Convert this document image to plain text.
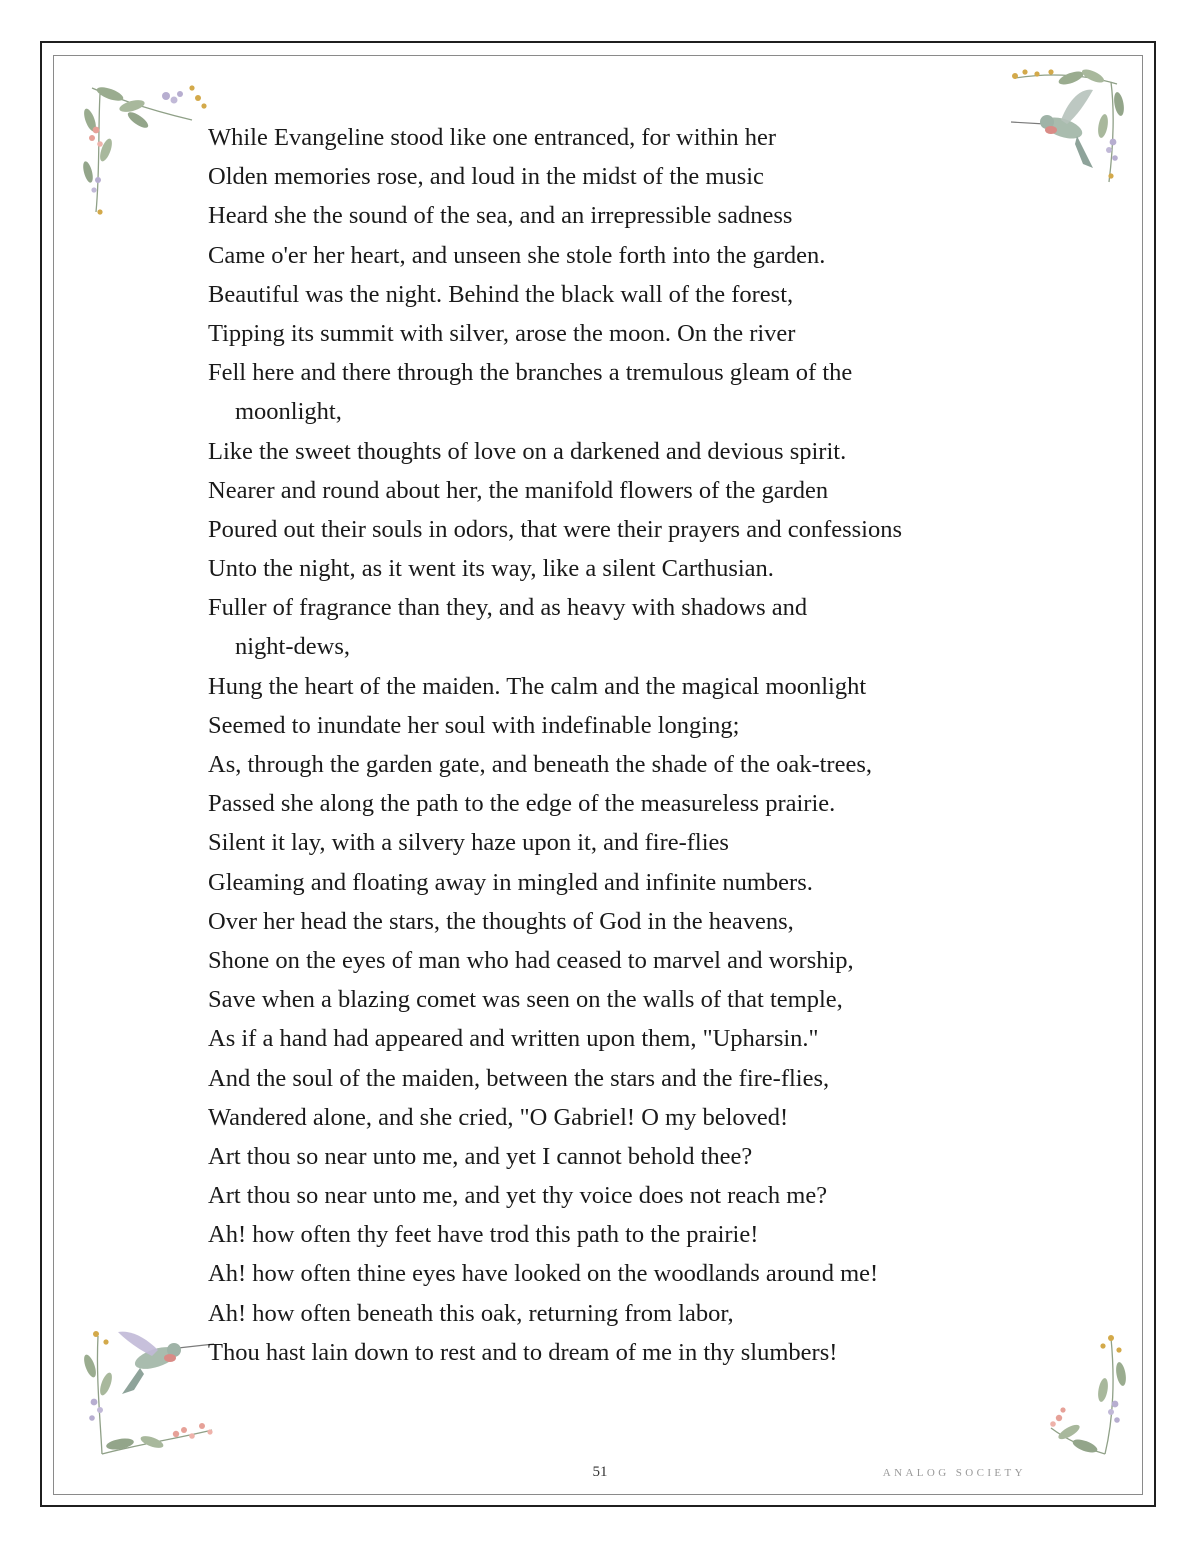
While Evangeline stood like one entranced, for within her
Olden memories rose, and loud in the midst of the music
Heard she the sound of the sea, and an irrepressible sadness
Came o'er her heart, and unseen she stole forth into the garden.
Beautiful was the night. Behind the black wall of the forest,
Tipping its summit with silver, arose the moon. On the river
Fell here and there through the branches a tremulous gleam of the
moonlight,
Like the sweet thoughts of love on a darkened and devious spirit.
Nearer and round about her, the manifold flowers of the garden
Poured out their souls in odors, that were their prayers and confessions
Unto the night, as it went its way, like a silent Carthusian.
Fuller of fragrance than they, and as heavy with shadows and
night-dews,
Hung the heart of the maiden. The calm and the magical moonlight
Seemed to inundate her soul with indefinable longing;
As, through the garden gate, and beneath the shade of the oak-trees,
Passed she along the path to the edge of the measureless prairie.
Silent it lay, with a silvery haze upon it, and fire-flies
Gleaming and floating away in mingled and infinite numbers.
Over her head the stars, the thoughts of God in the heavens,
Shone on the eyes of man who had ceased to marvel and worship,
Save when a blazing comet was seen on the walls of that temple,
As if a hand had appeared and written upon them, "Upharsin."
And the soul of the maiden, between the stars and the fire-flies,
Wandered alone, and she cried, "O Gabriel! O my beloved!
Art thou so near unto me, and yet I cannot behold thee?
Art thou so near unto me, and yet thy voice does not reach me?
Ah! how often thy feet have trod this path to the prairie!
Ah! how often thine eyes have looked on the woodlands around me!
Ah! how often beneath this oak, returning from labor,
Thou hast lain down to rest and to dream of me in thy slumbers!
51	ANALOG SOCIETY
